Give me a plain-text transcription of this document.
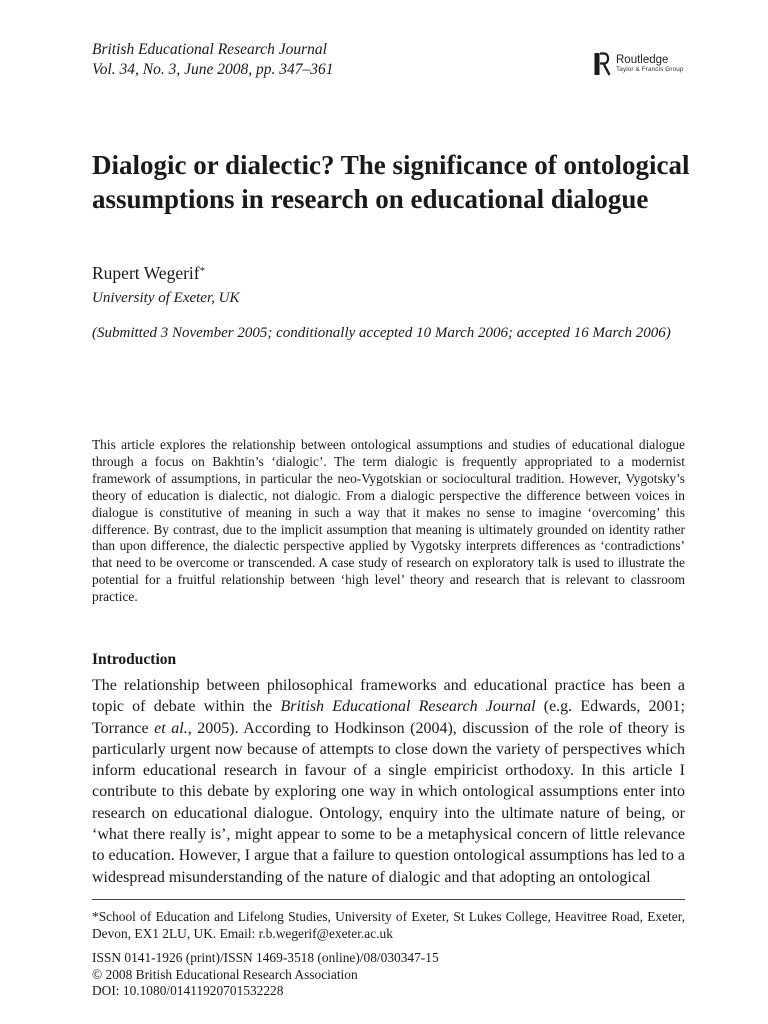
British Educational Research Journal
Vol. 34, No. 3, June 2008, pp. 347–361
Routledge
Taylor & Francis Group
Dialogic or dialectic? The significance of ontological assumptions in research on educational dialogue
Rupert Wegerif*
University of Exeter, UK
(Submitted 3 November 2005; conditionally accepted 10 March 2006; accepted 16 March 2006)

This article explores the relationship between ontological assumptions and studies of educational dialogue through a focus on Bakhtin’s ‘dialogic’. The term dialogic is frequently appropriated to a modernist framework of assumptions, in particular the neo-Vygotskian or sociocultural tradition. However, Vygotsky’s theory of education is dialectic, not dialogic. From a dialogic perspective the difference between voices in dialogue is constitutive of meaning in such a way that it makes no sense to imagine ‘overcoming’ this difference. By contrast, due to the implicit assumption that meaning is ultimately grounded on identity rather than upon difference, the dialectic perspective applied by Vygotsky interprets differences as ‘contradictions’ that need to be overcome or transcended. A case study of research on exploratory talk is used to illustrate the potential for a fruitful relationship between ‘high level’ theory and research that is relevant to classroom practice.

Introduction

The relationship between philosophical frameworks and educational practice has been a topic of debate within the British Educational Research Journal (e.g. Edwards, 2001; Torrance et al., 2005). According to Hodkinson (2004), discussion of the role of theory is particularly urgent now because of attempts to close down the variety of perspectives which inform educational research in favour of a single empiricist orthodoxy. In this article I contribute to this debate by exploring one way in which ontological assumptions enter into research on educational dialogue. Ontology, enquiry into the ultimate nature of being, or ‘what there really is’, might appear to some to be a metaphysical concern of little relevance to education. However, I argue that a failure to question ontological assumptions has led to a widespread misunderstanding of the nature of dialogic and that adopting an ontological

*School of Education and Lifelong Studies, University of Exeter, St Lukes College, Heavitree Road, Exeter, Devon, EX1 2LU, UK. Email: r.b.wegerif@exeter.ac.uk

ISSN 0141-1926 (print)/ISSN 1469-3518 (online)/08/030347-15
© 2008 British Educational Research Association
DOI: 10.1080/01411920701532228
